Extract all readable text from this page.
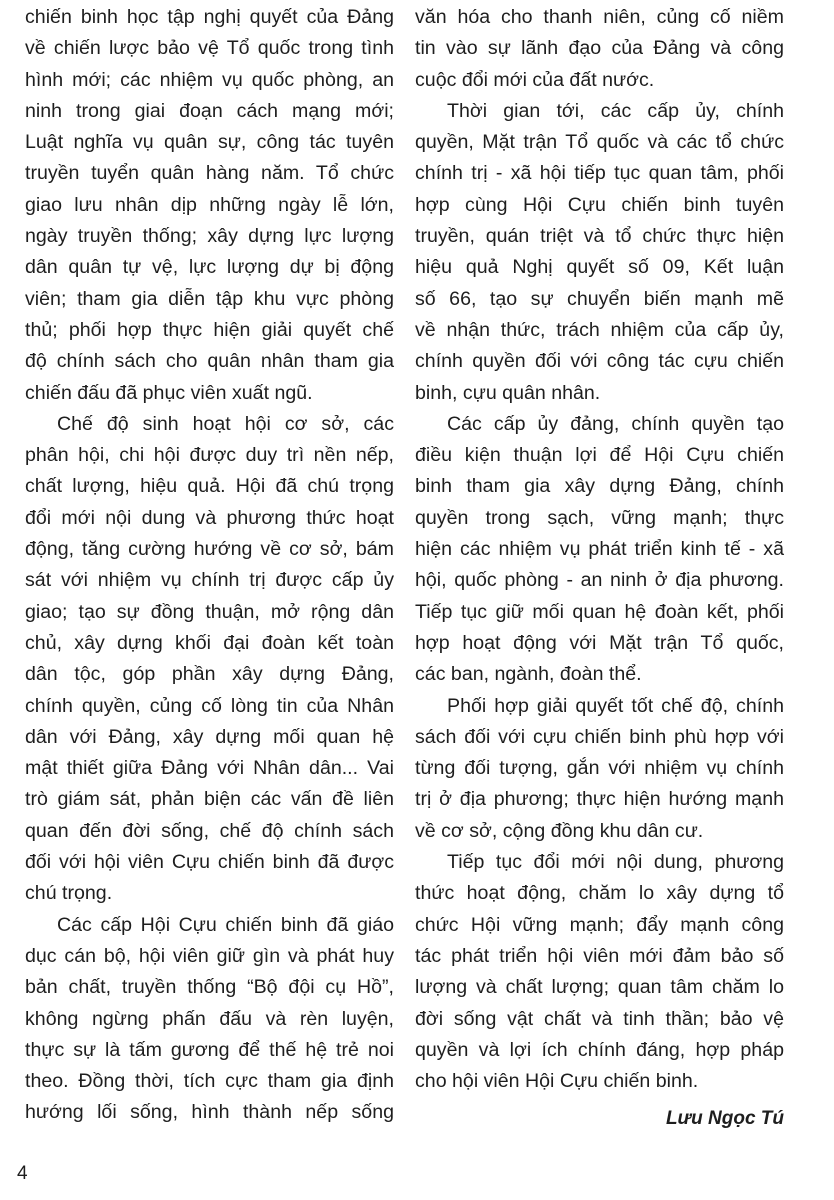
chiến binh học tập nghị quyết của Đảng
về chiến lược bảo vệ Tổ quốc trong tình
hình mới; các nhiệm vụ quốc phòng, an
ninh trong giai đoạn cách mạng mới;
Luật nghĩa vụ quân sự, công tác tuyên
truyền tuyển quân hàng năm. Tổ chức
giao lưu nhân dịp những ngày lễ lớn,
ngày truyền thống; xây dựng lực lượng
dân quân tự vệ, lực lượng dự bị động
viên; tham gia diễn tập khu vực phòng
thủ; phối hợp thực hiện giải quyết chế
độ chính sách cho quân nhân tham gia
chiến đấu đã phục viên xuất ngũ.
Chế độ sinh hoạt hội cơ sở, các
phân hội, chi hội được duy trì nền nếp,
chất lượng, hiệu quả. Hội đã chú trọng
đổi mới nội dung và phương thức hoạt
động, tăng cường hướng về cơ sở, bám
sát với nhiệm vụ chính trị được cấp ủy
giao; tạo sự đồng thuận, mở rộng dân
chủ, xây dựng khối đại đoàn kết toàn
dân tộc, góp phần xây dựng Đảng,
chính quyền, củng cố lòng tin của Nhân
dân với Đảng, xây dựng mối quan hệ
mật thiết giữa Đảng với Nhân dân... Vai
trò giám sát, phản biện các vấn đề liên
quan đến đời sống, chế độ chính sách
đối với hội viên Cựu chiến binh đã được
chú trọng.
Các cấp Hội Cựu chiến binh đã giáo
dục cán bộ, hội viên giữ gìn và phát huy
bản chất, truyền thống “Bộ đội cụ Hồ”,
không ngừng phấn đấu và rèn luyện,
thực sự là tấm gương để thế hệ trẻ noi
theo. Đồng thời, tích cực tham gia định
hướng lối sống, hình thành nếp sống
văn hóa cho thanh niên, củng cố niềm
tin vào sự lãnh đạo của Đảng và công
cuộc đổi mới của đất nước.
Thời gian tới, các cấp ủy, chính
quyền, Mặt trận Tổ quốc và các tổ chức
chính trị - xã hội tiếp tục quan tâm, phối
hợp cùng Hội Cựu chiến binh tuyên
truyền, quán triệt và tổ chức thực hiện
hiệu quả Nghị quyết số 09, Kết luận
số 66, tạo sự chuyển biến mạnh mẽ
về nhận thức, trách nhiệm của cấp ủy,
chính quyền đối với công tác cựu chiến
binh, cựu quân nhân.
Các cấp ủy đảng, chính quyền tạo
điều kiện thuận lợi để Hội Cựu chiến
binh tham gia xây dựng Đảng, chính
quyền trong sạch, vững mạnh; thực
hiện các nhiệm vụ phát triển kinh tế - xã
hội, quốc phòng - an ninh ở địa phương.
Tiếp tục giữ mối quan hệ đoàn kết, phối
hợp hoạt động với Mặt trận Tổ quốc,
các ban, ngành, đoàn thể.
Phối hợp giải quyết tốt chế độ, chính
sách đối với cựu chiến binh phù hợp với
từng đối tượng, gắn với nhiệm vụ chính
trị ở địa phương; thực hiện hướng mạnh
về cơ sở, cộng đồng khu dân cư.
Tiếp tục đổi mới nội dung, phương
thức hoạt động, chăm lo xây dựng tổ
chức Hội vững mạnh; đẩy mạnh công
tác phát triển hội viên mới đảm bảo số
lượng và chất lượng; quan tâm chăm lo
đời sống vật chất và tinh thần; bảo vệ
quyền và lợi ích chính đáng, hợp pháp
cho hội viên Hội Cựu chiến binh.
Lưu Ngọc Tú
4
